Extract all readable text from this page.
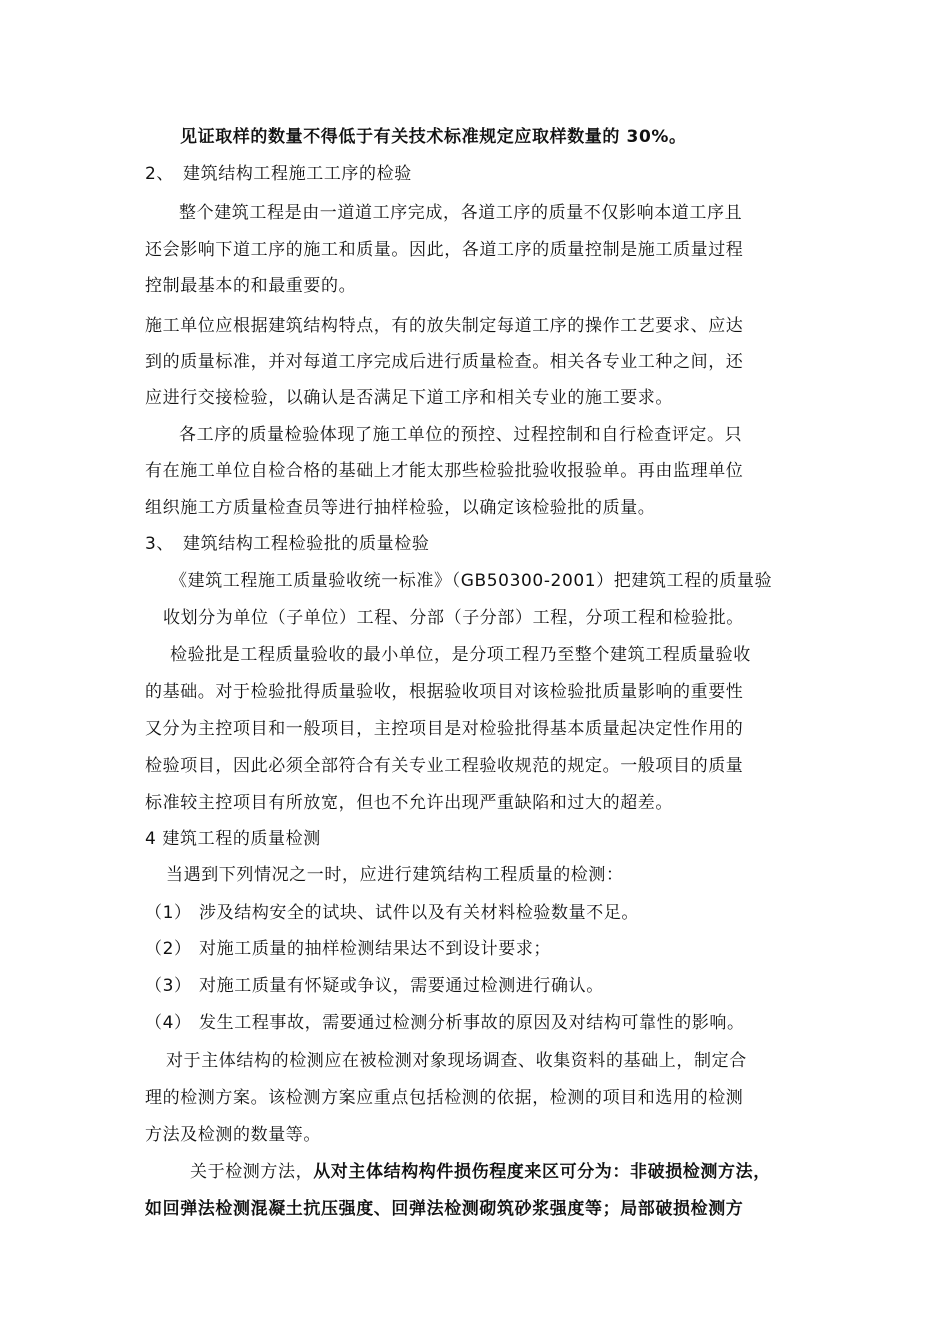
见证取样的数量不得低于有关技术标准规定应取样数量的 30%。
2、 建筑结构工程施工工序的检验
整个建筑工程是由一道道工序完成，各道工序的质量不仅影响本道工序且
还会影响下道工序的施工和质量。因此，各道工序的质量控制是施工质量过程
控制最基本的和最重要的。
施工单位应根据建筑结构特点，有的放失制定每道工序的操作工艺要求、应达
到的质量标准，并对每道工序完成后进行质量检查。相关各专业工种之间，还
应进行交接检验，以确认是否满足下道工序和相关专业的施工要求。
各工序的质量检验体现了施工单位的预控、过程控制和自行检查评定。只
有在施工单位自检合格的基础上才能太那些检验批验收报验单。再由监理单位
组织施工方质量检查员等进行抽样检验，以确定该检验批的质量。
3、 建筑结构工程检验批的质量检验
《建筑工程施工质量验收统一标准》（GB50300-2001）把建筑工程的质量验
收划分为单位（子单位）工程、分部（子分部）工程，分项工程和检验批。
检验批是工程质量验收的最小单位，是分项工程乃至整个建筑工程质量验收
的基础。对于检验批得质量验收，根据验收项目对该检验批质量影响的重要性
又分为主控项目和一般项目，主控项目是对检验批得基本质量起决定性作用的
检验项目，因此必须全部符合有关专业工程验收规范的规定。一般项目的质量
标准较主控项目有所放宽，但也不允许出现严重缺陷和过大的超差。
4 建筑工程的质量检测
当遇到下列情况之一时，应进行建筑结构工程质量的检测：
（1） 涉及结构安全的试块、试件以及有关材料检验数量不足。
（2） 对施工质量的抽样检测结果达不到设计要求；
（3） 对施工质量有怀疑或争议，需要通过检测进行确认。
（4） 发生工程事故，需要通过检测分析事故的原因及对结构可靠性的影响。
对于主体结构的检测应在被检测对象现场调查、收集资料的基础上，制定合
理的检测方案。该检测方案应重点包括检测的依据，检测的项目和选用的检测
方法及检测的数量等。
关于检测方法，从对主体结构构件损伤程度来区可分为：非破损检测方法，
如回弹法检测混凝土抗压强度、回弹法检测砌筑砂浆强度等；局部破损检测方
